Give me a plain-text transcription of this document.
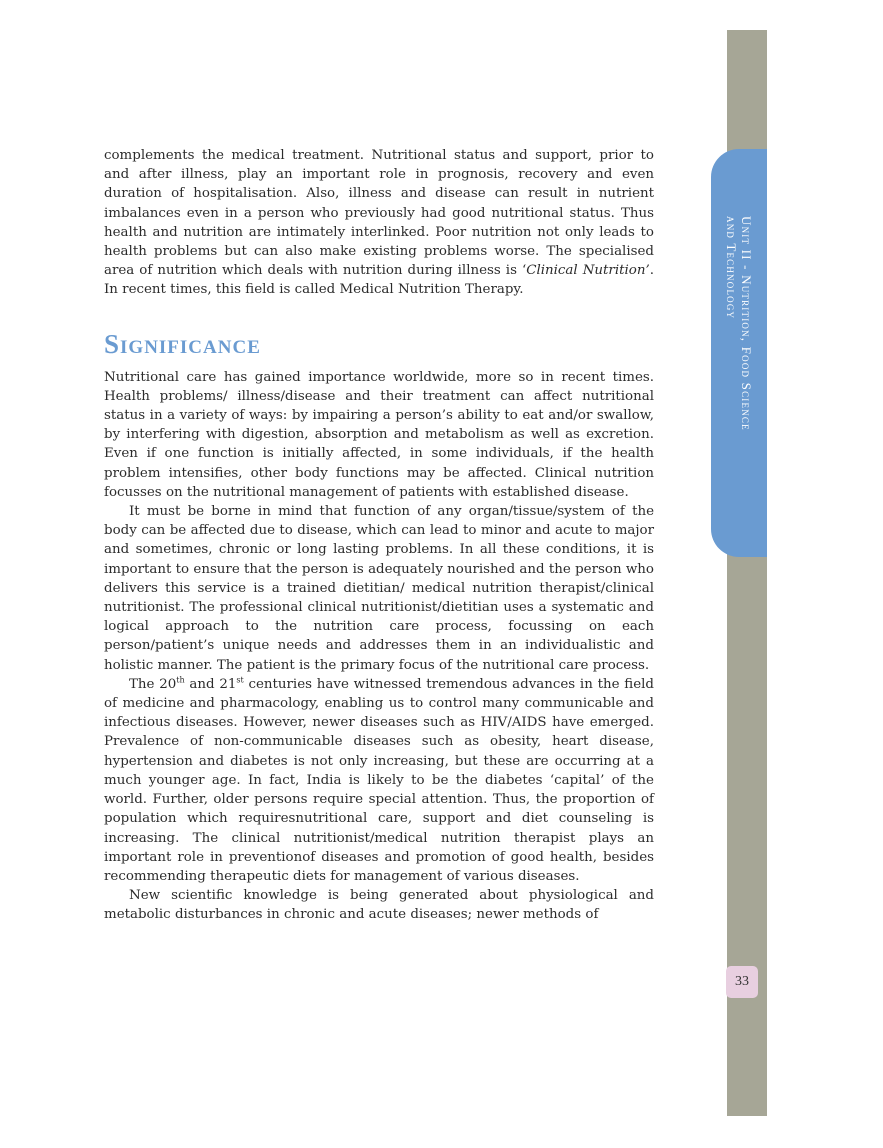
Unit II - Nutrition, Food Science
and Technology
33

complements the medical treatment. Nutritional status and support, prior to and after illness, play an important role in prognosis, recovery and even duration of hospitalisation. Also, illness and disease can result in nutrient imbalances even in a person who previously had good nutritional status. Thus health and nutrition are intimately interlinked. Poor nutrition not only leads to health problems but can also make existing problems worse. The specialised area of nutrition which deals with nutrition during illness is ‘Clinical Nutrition’. In recent times, this field is called Medical Nutrition Therapy.

Significance

Nutritional care has gained importance worldwide, more so in recent times. Health problems/ illness/disease and their treatment can affect nutritional status in a variety of ways: by impairing a person’s ability to eat and/or swallow, by interfering with digestion, absorption and metabolism as well as excretion. Even if one function is initially affected, in some individuals, if the health problem intensifies, other body functions may be affected. Clinical nutrition focusses on the nutritional management of patients with established disease.

It must be borne in mind that function of any organ/tissue/system of the body can be affected due to disease, which can lead to minor and acute to major and sometimes, chronic or long lasting problems. In all these conditions, it is important to ensure that the person is adequately nourished and the person who delivers this service is a trained dietitian/ medical nutrition therapist/clinical nutritionist. The professional clinical nutritionist/dietitian uses a systematic and logical approach to the nutrition care process, focussing on each person/patient’s unique needs and addresses them in an individualistic and holistic manner. The patient is the primary focus of the nutritional care process.

The 20th and 21st centuries have witnessed tremendous advances in the field of medicine and pharmacology, enabling us to control many communicable and infectious diseases. However, newer diseases such as HIV/AIDS have emerged. Prevalence of non-communicable diseases such as obesity, heart disease, hypertension and diabetes is not only increasing, but these are occurring at a much younger age. In fact, India is likely to be the diabetes ‘capital’ of the world. Further, older persons require special attention. Thus, the proportion of population which requiresnutritional care, support and diet counseling is increasing. The clinical nutritionist/medical nutrition therapist plays an important role in preventionof diseases and promotion of good health, besides recommending therapeutic diets for management of various diseases.

New scientific knowledge is being generated about physiological and metabolic disturbances in chronic and acute diseases; newer methods of
